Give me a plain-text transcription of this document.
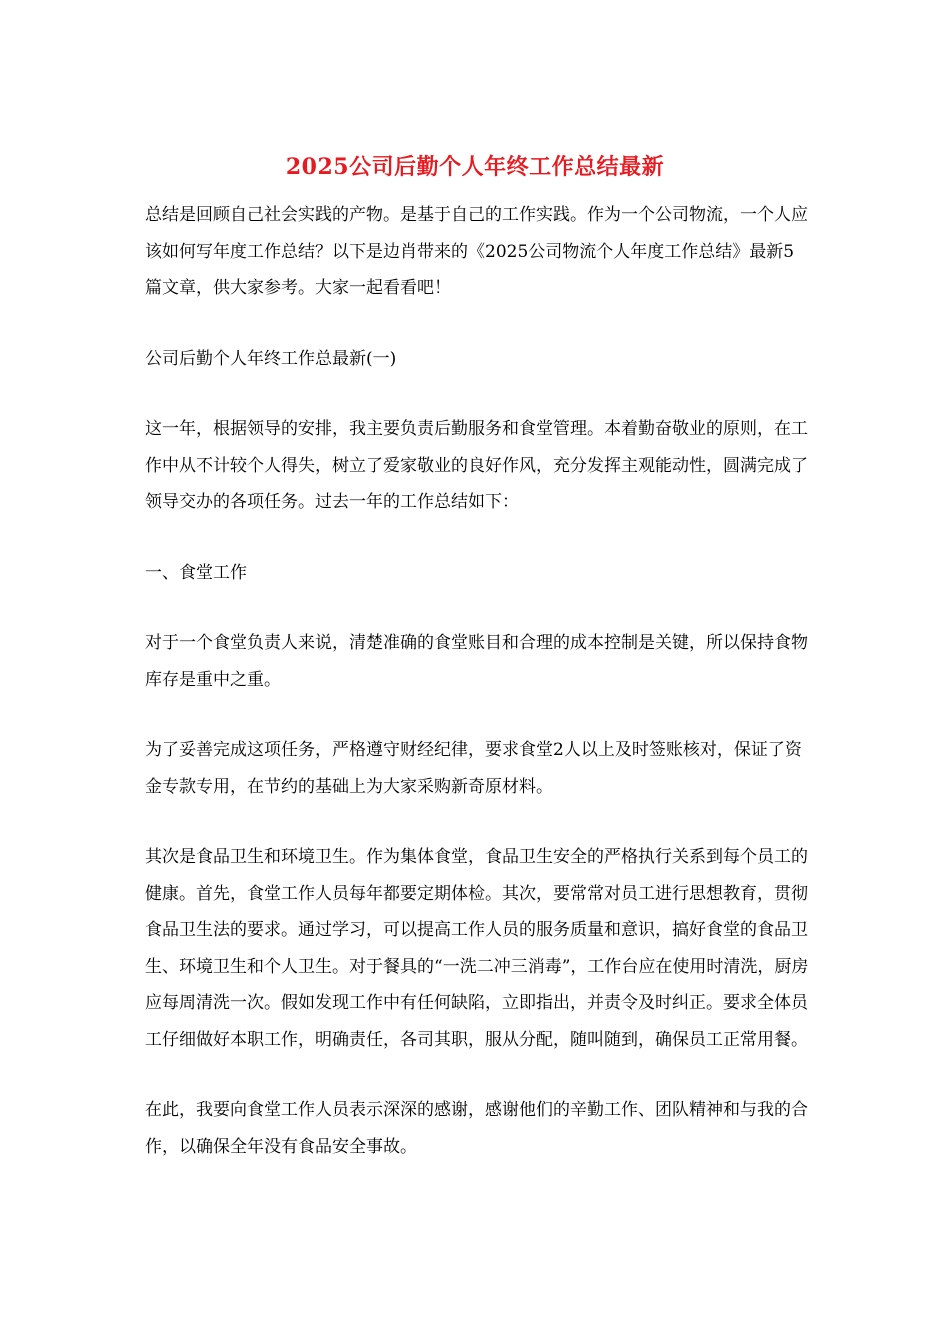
2025公司后勤个人年终工作总结最新

总结是回顾自己社会实践的产物。是基于自己的工作实践。作为一个公司物流，一个人应该如何写年度工作总结？以下是边肖带来的《2025公司物流个人年度工作总结》最新5篇文章，供大家参考。大家一起看看吧！

公司后勤个人年终工作总最新(一)

这一年，根据领导的安排，我主要负责后勤服务和食堂管理。本着勤奋敬业的原则，在工作中从不计较个人得失，树立了爱家敬业的良好作风，充分发挥主观能动性，圆满完成了领导交办的各项任务。过去一年的工作总结如下：

一、食堂工作

对于一个食堂负责人来说，清楚准确的食堂账目和合理的成本控制是关键，所以保持食物库存是重中之重。

为了妥善完成这项任务，严格遵守财经纪律，要求食堂2人以上及时签账核对，保证了资金专款专用，在节约的基础上为大家采购新奇原材料。

其次是食品卫生和环境卫生。作为集体食堂，食品卫生安全的严格执行关系到每个员工的健康。首先，食堂工作人员每年都要定期体检。其次，要常常对员工进行思想教育，贯彻食品卫生法的要求。通过学习，可以提高工作人员的服务质量和意识，搞好食堂的食品卫生、环境卫生和个人卫生。对于餐具的“一洗二冲三消毒”，工作台应在使用时清洗，厨房应每周清洗一次。假如发现工作中有任何缺陷，立即指出，并责令及时纠正。要求全体员工仔细做好本职工作，明确责任，各司其职，服从分配，随叫随到，确保员工正常用餐。

在此，我要向食堂工作人员表示深深的感谢，感谢他们的辛勤工作、团队精神和与我的合作，以确保全年没有食品安全事故。
